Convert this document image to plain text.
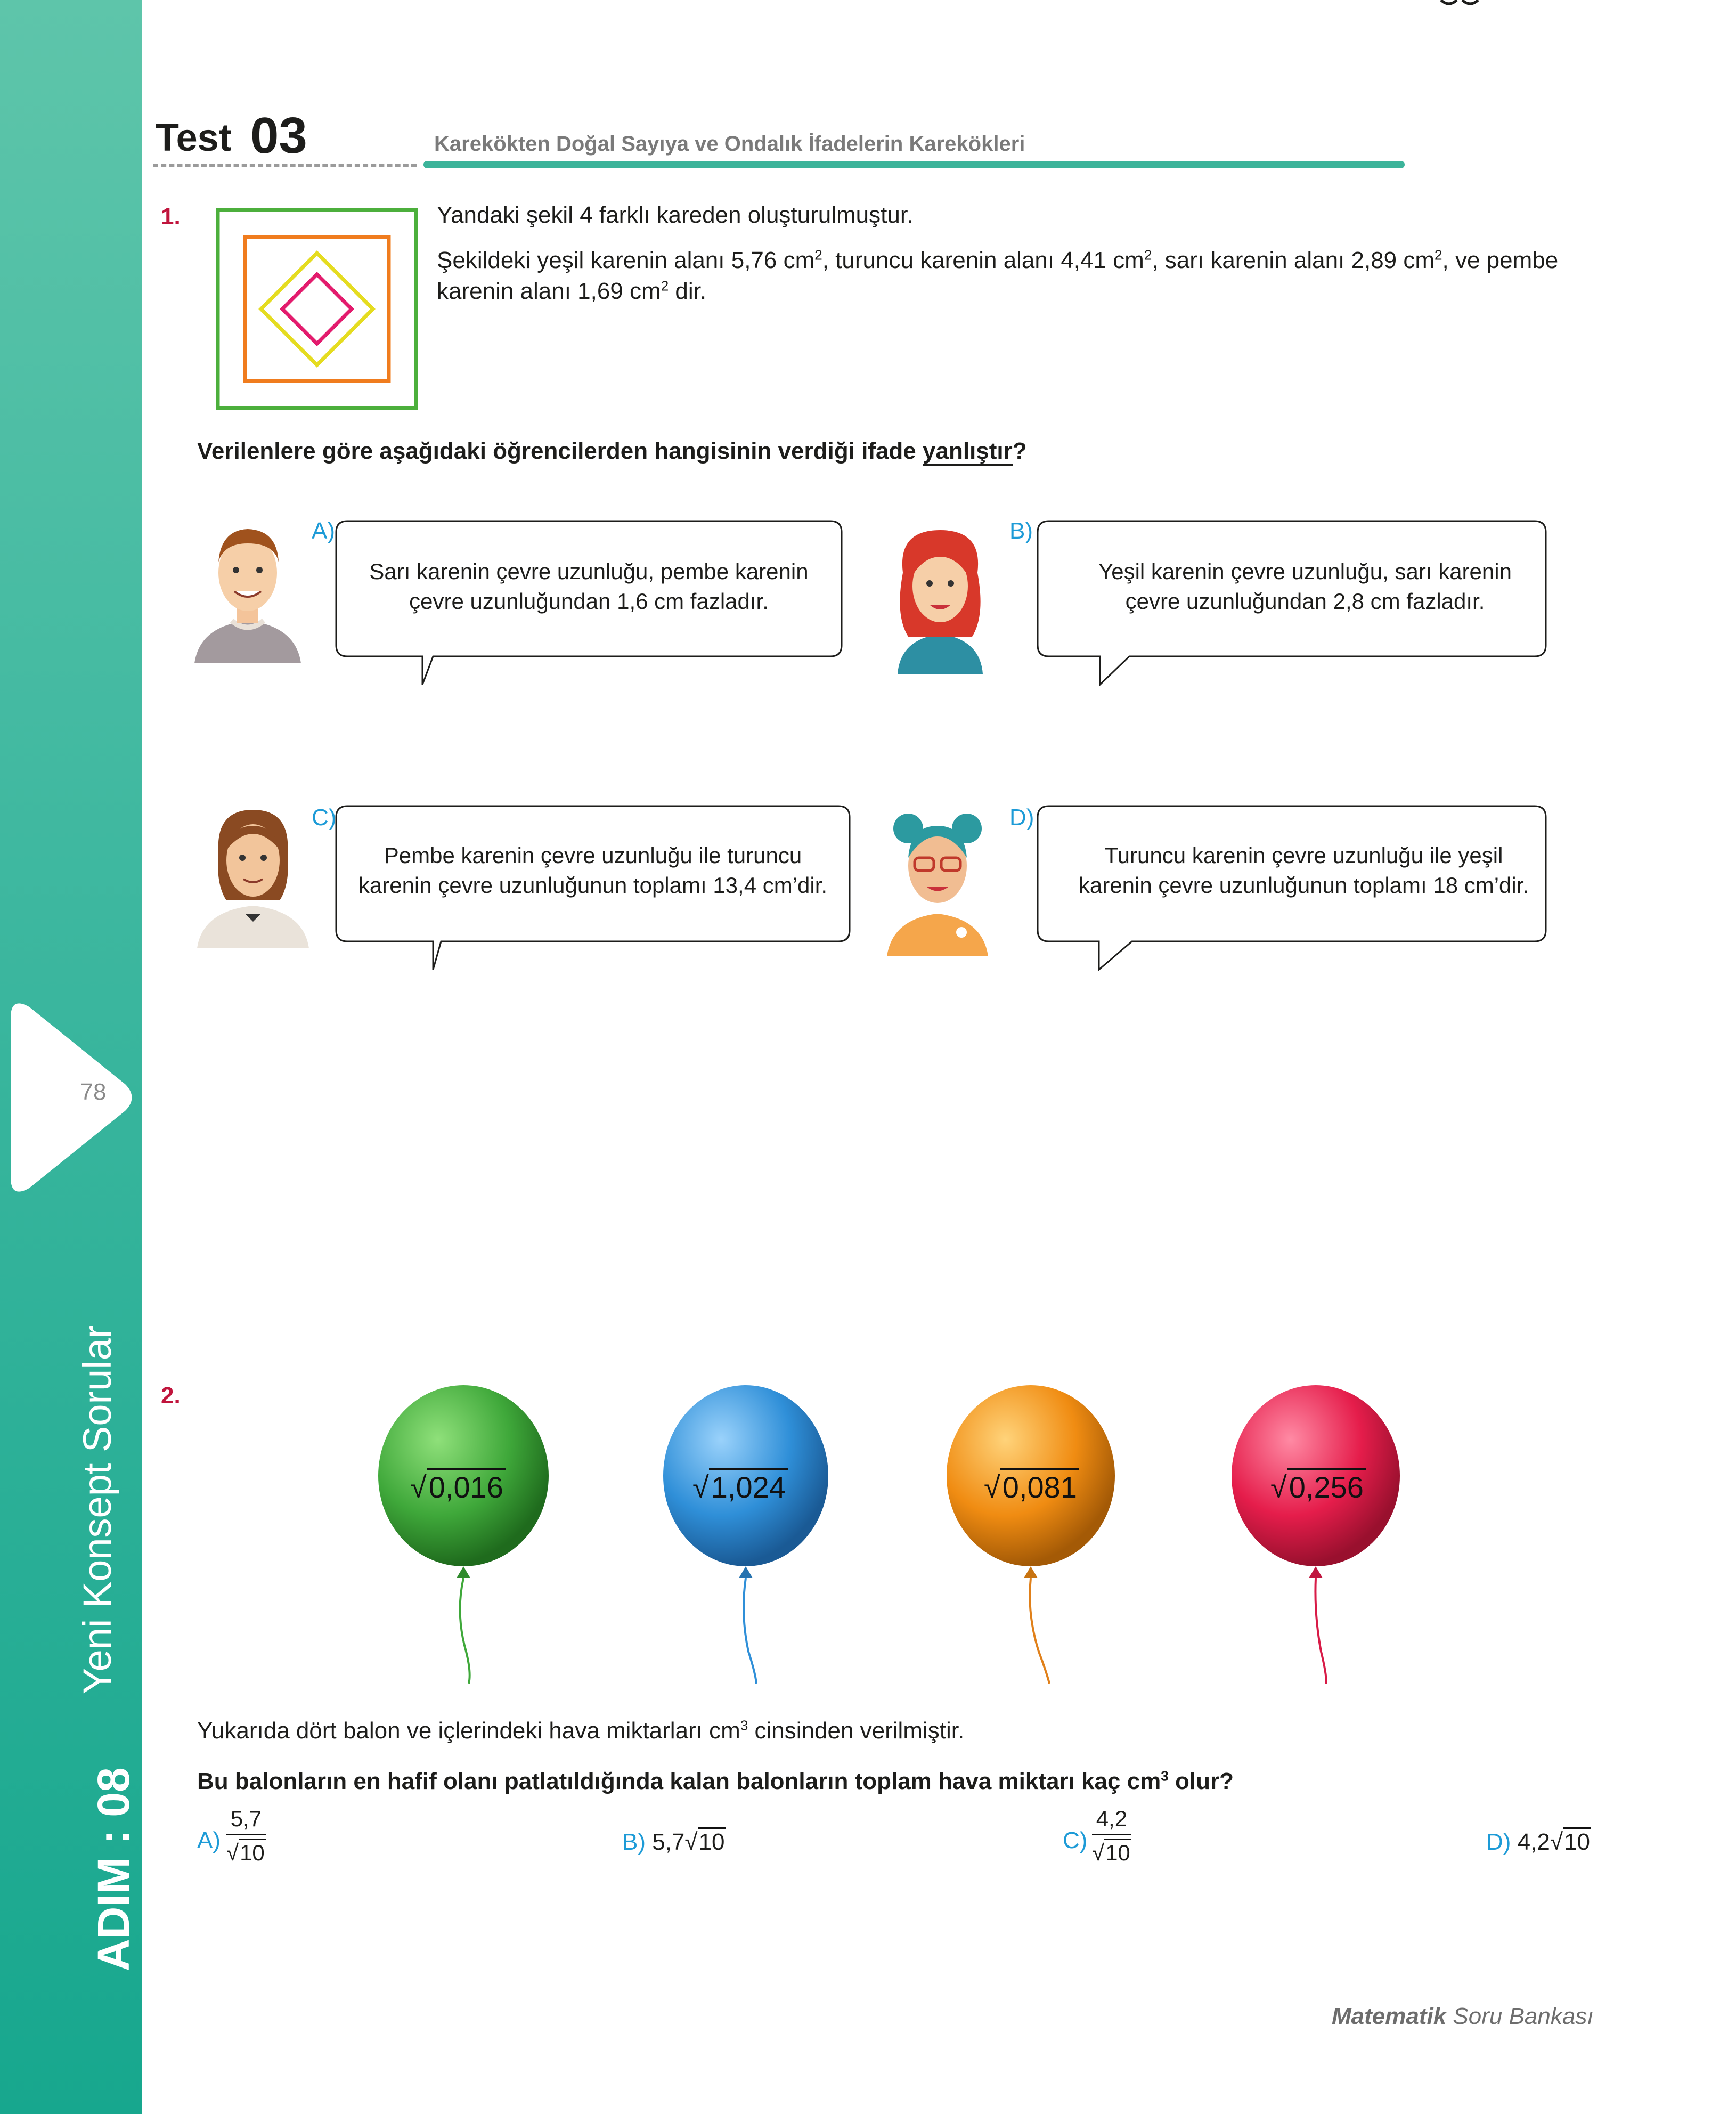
78
Yeni Konsept Sorular
ADIM : 08
Test 03	Karekökten Doğal Sayıya ve Ondalık İfadelerin Karekökleri
1.	Yandaki şekil 4 farklı kareden oluşturulmuştur.
Şekildeki yeşil karenin alanı 5,76 $cm^2$, turuncu karenin alanı 4,41 $cm^2$, sarı karenin alanı 2,89 $cm^2$, ve pembe
karenin alanı 1,69 $cm^2$ dir.
Verilenlere göre aşağıdaki öğrencilerden hangisinin verdiği ifade yanlıştır?
A)
Sarı karenin çevre uzunluğu, pembe karenin
çevre uzunluğundan 1,6 cm fazladır.
B)
Yeşil karenin çevre uzunluğu, sarı karenin
çevre uzunluğundan 2,8 cm fazladır.
C)
Pembe karenin çevre uzunluğu ile turuncu
karenin çevre uzunluğunun toplamı 13,4 cm’dir.
D)
Turuncu karenin çevre uzunluğu ile yeşil
karenin çevre uzunluğunun toplamı 18 cm’dir.
2.
√0,016	√1,024	√0,081	√0,256
Yukarıda dört balon ve içlerindeki hava miktarları $cm^3$ cinsinden verilmiştir.
Bu balonların en hafif olanı patlatıldığında kalan balonların toplam hava miktarı kaç $cm^3$ olur?
$A) \frac{5,7}{√10}$	B) 5,7√10	$C) \frac{4,2}{√10}$	D) 4,2√10
Matematik Soru Bankası
